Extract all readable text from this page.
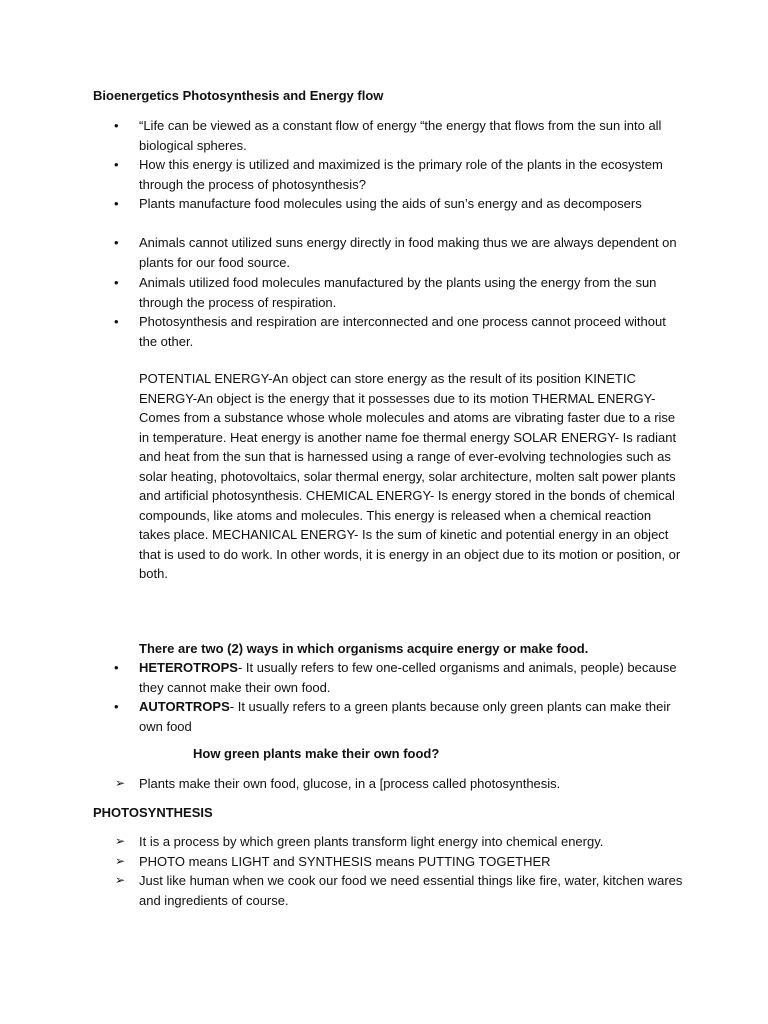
Bioenergetics Photosynthesis and Energy flow
• “Life can be viewed as a constant flow of energy “the energy that flows from the sun into all biological spheres.
• How this energy is utilized and maximized is the primary role of the plants in the ecosystem through the process of photosynthesis?
• Plants manufacture food molecules using the aids of sun’s energy and as decomposers
• Animals cannot utilized suns energy directly in food making thus we are always dependent on plants for our food source.
• Animals utilized food molecules manufactured by the plants using the energy from the sun through the process of respiration.
• Photosynthesis and respiration are interconnected and one process cannot proceed without the other.
POTENTIAL ENERGY-An object can store energy as the result of its position KINETIC ENERGY-An object is the energy that it possesses due to its motion THERMAL ENERGY- Comes from a substance whose whole molecules and atoms are vibrating faster due to a rise in temperature. Heat energy is another name foe thermal energy SOLAR ENERGY- Is radiant and heat from the sun that is harnessed using a range of ever-evolving technologies such as solar heating, photovoltaics, solar thermal energy, solar architecture, molten salt power plants and artificial photosynthesis. CHEMICAL ENERGY- Is energy stored in the bonds of chemical compounds, like atoms and molecules. This energy is released when a chemical reaction takes place. MECHANICAL ENERGY- Is the sum of kinetic and potential energy in an object that is used to do work. In other words, it is energy in an object due to its motion or position, or both.
There are two (2) ways in which organisms acquire energy or make food.
• HETEROTROPS- It usually refers to few one-celled organisms and animals, people) because they cannot make their own food.
• AUTORTROPS- It usually refers to a green plants because only green plants can make their own food
How green plants make their own food?
➢ Plants make their own food, glucose, in a [process called photosynthesis.
PHOTOSYNTHESIS
➢ It is a process by which green plants transform light energy into chemical energy.
➢ PHOTO means LIGHT and SYNTHESIS means PUTTING TOGETHER
➢ Just like human when we cook our food we need essential things like fire, water, kitchen wares and ingredients of course.
